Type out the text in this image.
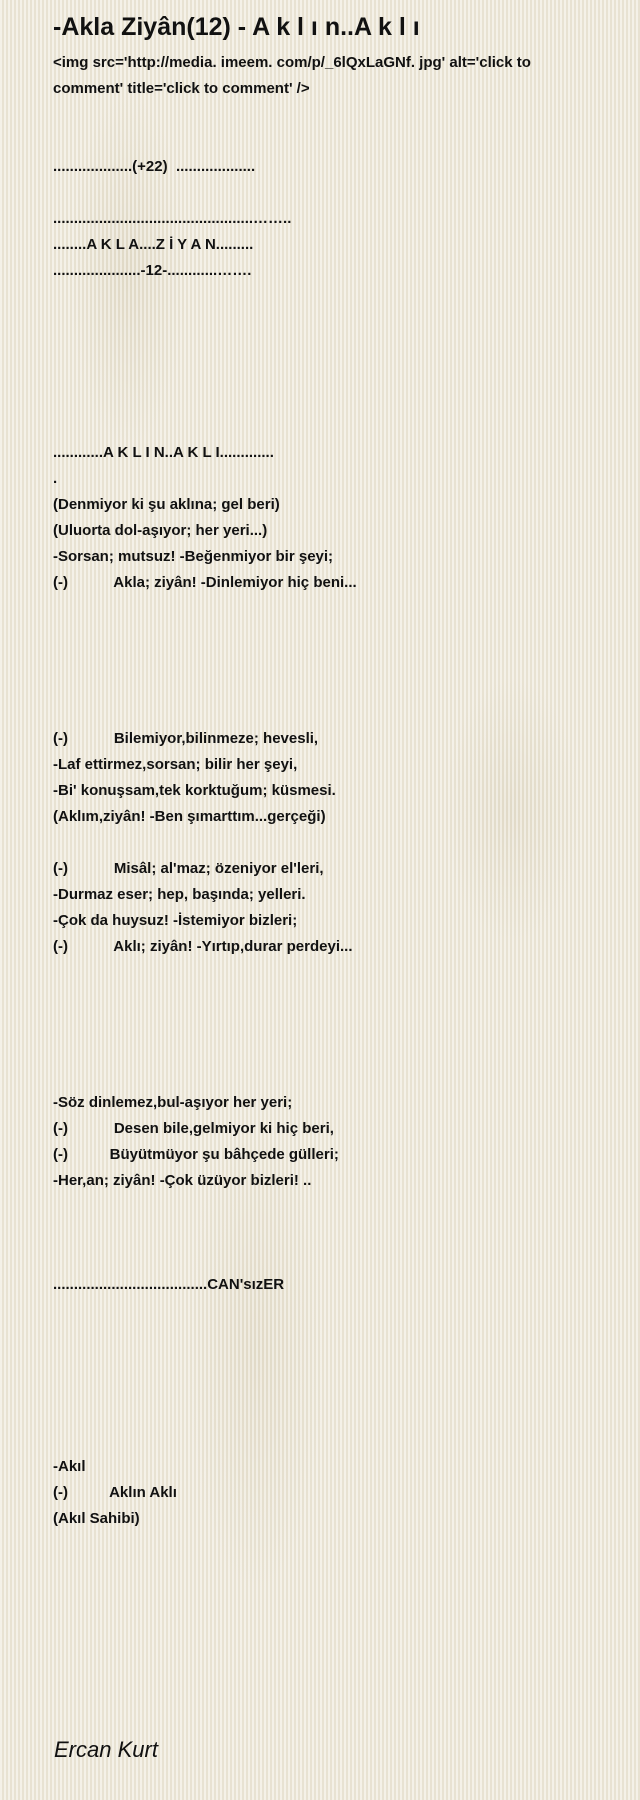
-Akla Ziyân(12) - A k l ı n..A k l ı
<img src='http://media. imeem. com/p/_6lQxLaGNf. jpg' alt='click to comment' title='click to comment' />
...................(+22)  ...................
................................................……..
........A K L A....Z İ Y A N.........
.....................-12-............…….
............A K L I N..A K L I.............
.
(Denmiyor ki şu aklına; gel beri)
(Uluorta dol-aşıyor; her yeri...)
-Sorsan; mutsuz! -Beğenmiyor bir şeyi;
(-)           Akla; ziyân! -Dinlemiyor hiç beni...
(-)           Bilemiyor,bilinmeze; hevesli,
-Laf ettirmez,sorsan; bilir her şeyi,
-Bi' konuşsam,tek korktuğum; küsmesi.
(Aklım,ziyân! -Ben şımarttım...gerçeği)
(-)           Misâl; al'maz; özeniyor el'leri,
-Durmaz eser; hep, başında; yelleri.
-Çok da huysuz! -İstemiyor bizleri;
(-)           Aklı; ziyân! -Yırtıp,durar perdeyi...
-Söz dinlemez,bul-aşıyor her yeri;
(-)           Desen bile,gelmiyor ki hiç beri,
(-)          Büyütmüyor şu bâhçede gülleri;
-Her,an; ziyân! -Çok üzüyor bizleri! ..
.....................................CAN'sızER
-Akıl
(-)          Aklın Aklı
(Akıl Sahibi)
Ercan Kurt
